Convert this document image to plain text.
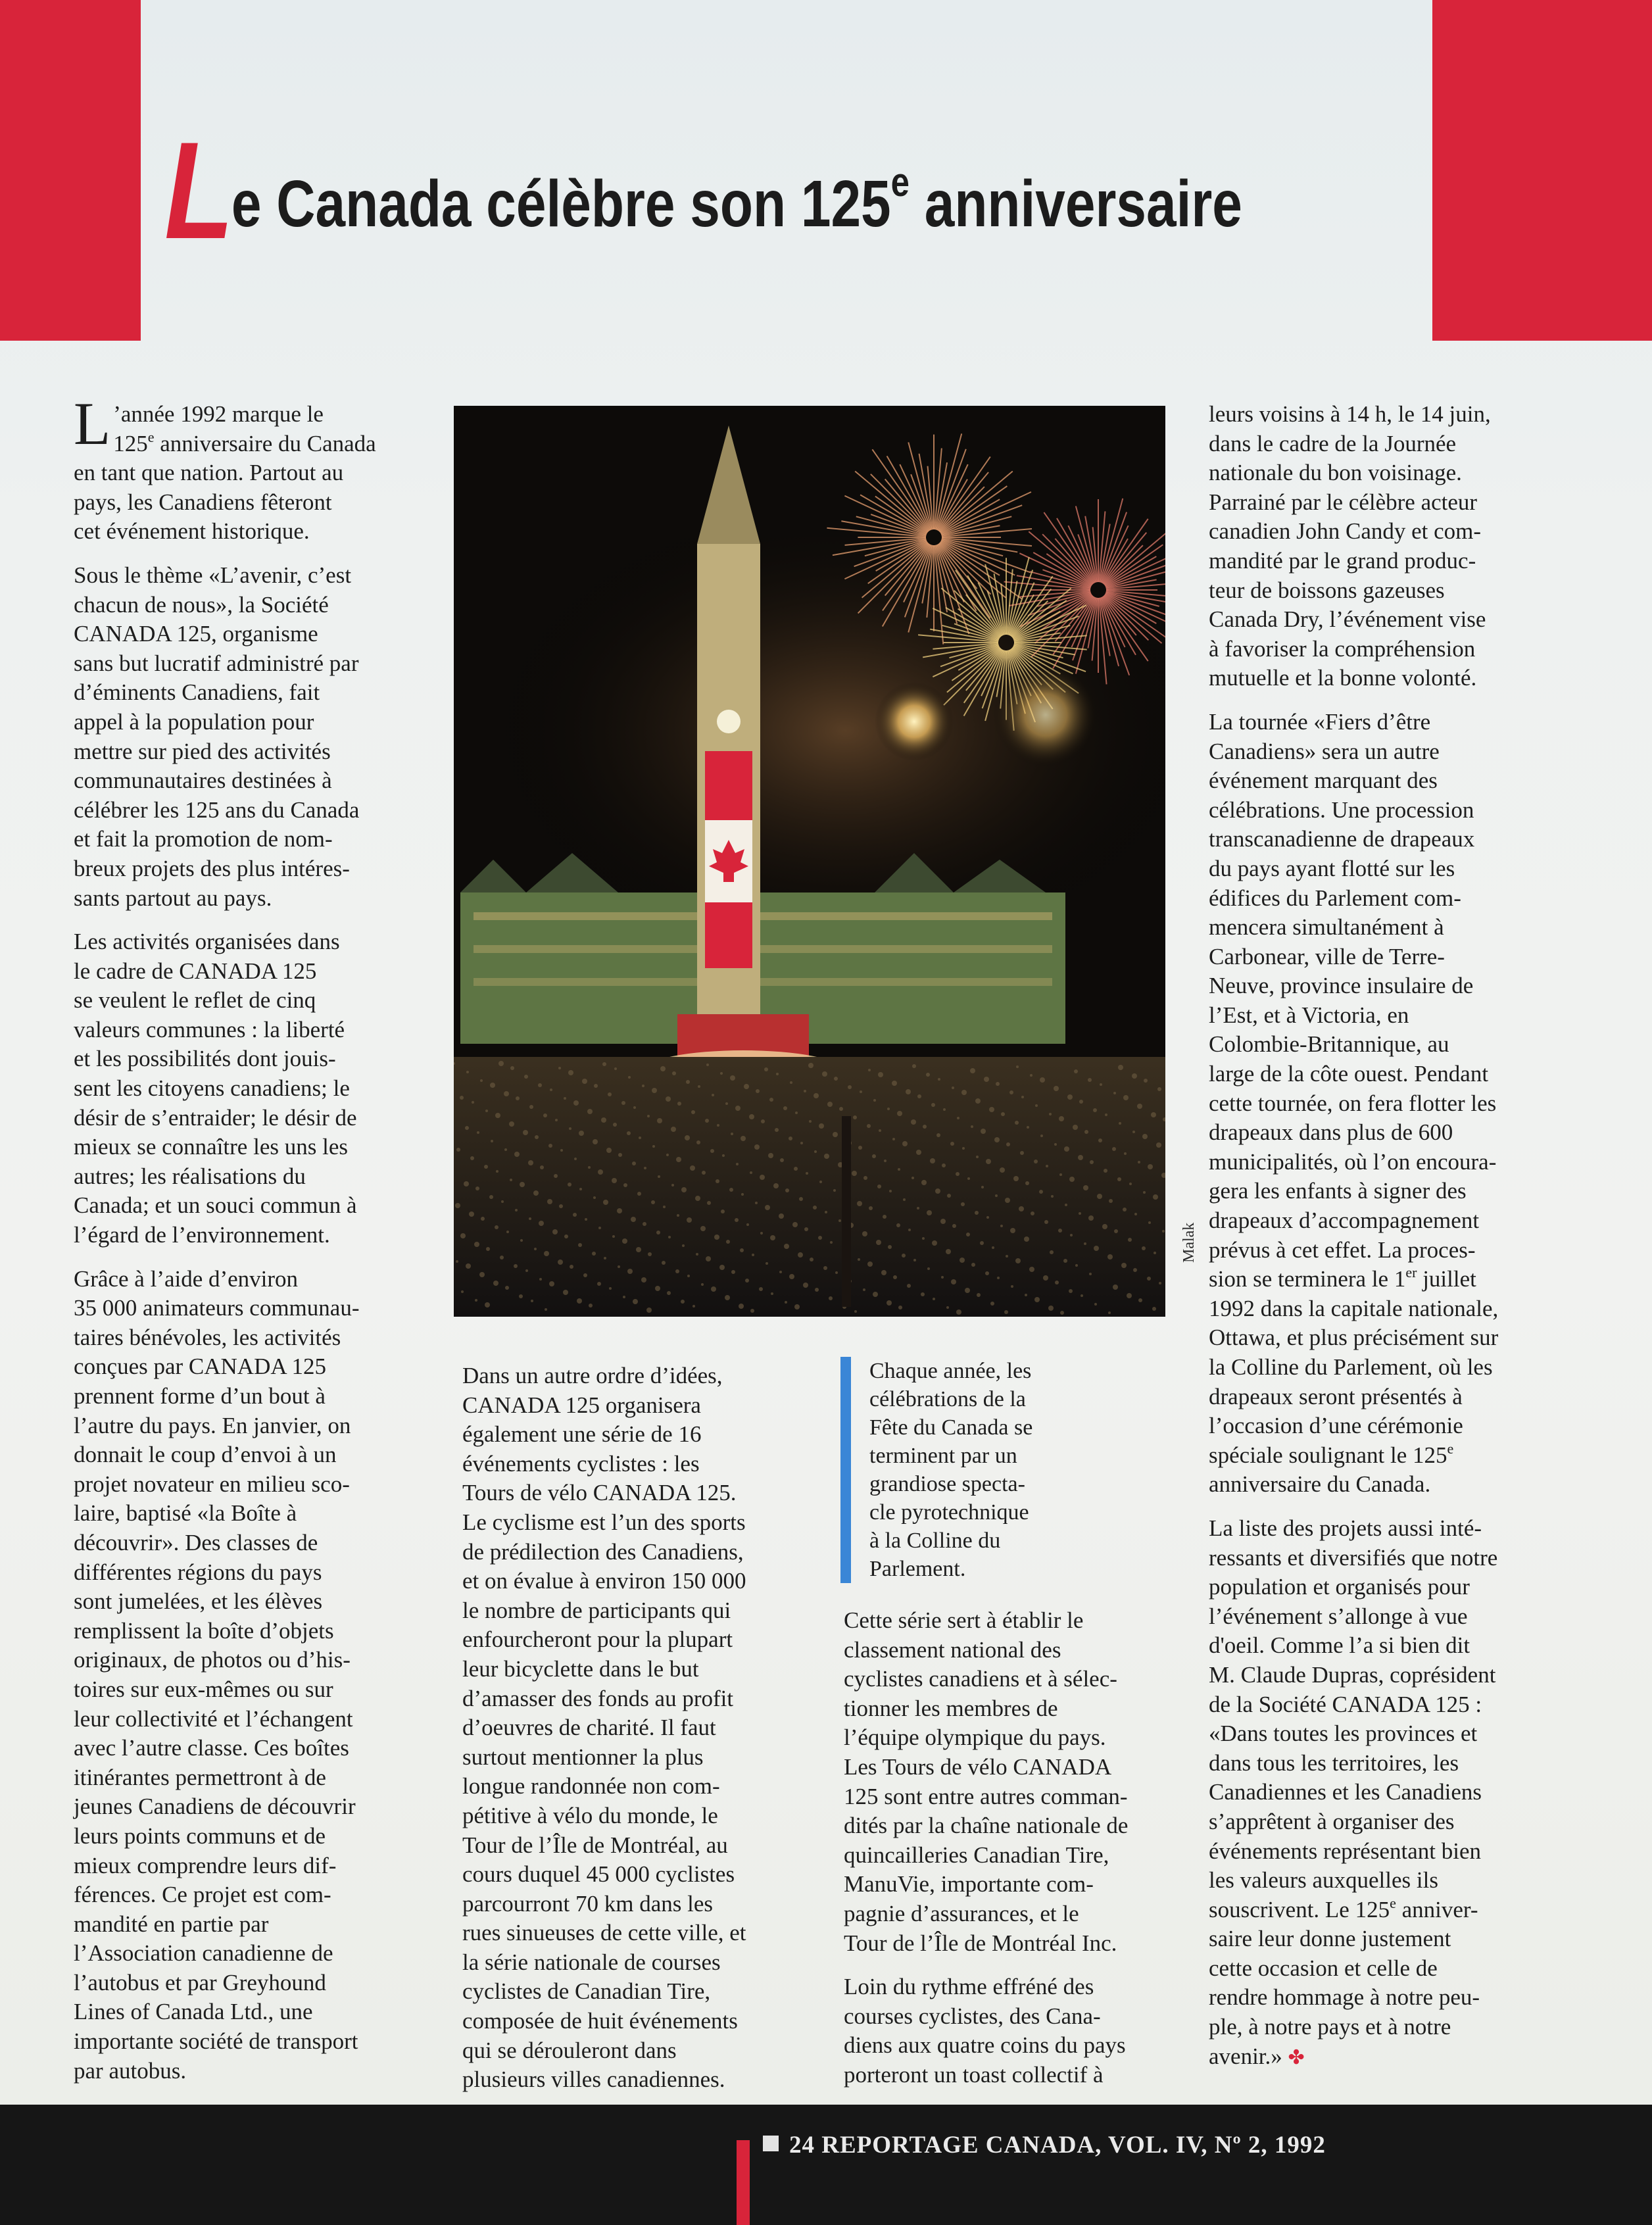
Le Canada célèbre son 125e anniversaire

L ’année 1992 marque le
125e anniversaire du Canada
en tant que nation. Partout au
pays, les Canadiens fêteront
cet événement historique.

Sous le thème «L’avenir, c’est
chacun de nous», la Société
CANADA 125, organisme
sans but lucratif administré par
d’éminents Canadiens, fait
appel à la population pour
mettre sur pied des activités
communautaires destinées à
célébrer les 125 ans du Canada
et fait la promotion de nom-
breux projets des plus intéres-
sants partout au pays.

Les activités organisées dans
le cadre de CANADA 125
se veulent le reflet de cinq
valeurs communes : la liberté
et les possibilités dont jouis-
sent les citoyens canadiens; le
désir de s’entraider; le désir de
mieux se connaître les uns les
autres; les réalisations du
Canada; et un souci commun à
l’égard de l’environnement.

Grâce à l’aide d’environ
35 000 animateurs communau-
taires bénévoles, les activités
conçues par CANADA 125
prennent forme d’un bout à
l’autre du pays. En janvier, on
donnait le coup d’envoi à un
projet novateur en milieu sco-
laire, baptisé «la Boîte à
découvrir». Des classes de
différentes régions du pays
sont jumelées, et les élèves
remplissent la boîte d’objets
originaux, de photos ou d’his-
toires sur eux-mêmes ou sur
leur collectivité et l’échangent
avec l’autre classe. Ces boîtes
itinérantes permettront à de
jeunes Canadiens de découvrir
leurs points communs et de
mieux comprendre leurs dif-
férences. Ce projet est com-
mandité en partie par
l’Association canadienne de
l’autobus et par Greyhound
Lines of Canada Ltd., une
importante société de transport
par autobus.

Malak

Dans un autre ordre d’idées,
CANADA 125 organisera
également une série de 16
événements cyclistes : les
Tours de vélo CANADA 125.
Le cyclisme est l’un des sports
de prédilection des Canadiens,
et on évalue à environ 150 000
le nombre de participants qui
enfourcheront pour la plupart
leur bicyclette dans le but
d’amasser des fonds au profit
d’oeuvres de charité. Il faut
surtout mentionner la plus
longue randonnée non com-
pétitive à vélo du monde, le
Tour de l’Île de Montréal, au
cours duquel 45 000 cyclistes
parcourront 70 km dans les
rues sinueuses de cette ville, et
la série nationale de courses
cyclistes de Canadian Tire,
composée de huit événements
qui se dérouleront dans
plusieurs villes canadiennes.

Chaque année, les
célébrations de la
Fête du Canada se
terminent par un
grandiose specta-
cle pyrotechnique
à la Colline du
Parlement.

Cette série sert à établir le
classement national des
cyclistes canadiens et à sélec-
tionner les membres de
l’équipe olympique du pays.
Les Tours de vélo CANADA
125 sont entre autres comman-
dités par la chaîne nationale de
quincailleries Canadian Tire,
ManuVie, importante com-
pagnie d’assurances, et le
Tour de l’Île de Montréal Inc.

Loin du rythme effréné des
courses cyclistes, des Cana-
diens aux quatre coins du pays
porteront un toast collectif à

leurs voisins à 14 h, le 14 juin,
dans le cadre de la Journée
nationale du bon voisinage.
Parrainé par le célèbre acteur
canadien John Candy et com-
mandité par le grand produc-
teur de boissons gazeuses
Canada Dry, l’événement vise
à favoriser la compréhension
mutuelle et la bonne volonté.

La tournée «Fiers d’être
Canadiens» sera un autre
événement marquant des
célébrations. Une procession
transcanadienne de drapeaux
du pays ayant flotté sur les
édifices du Parlement com-
mencera simultanément à
Carbonear, ville de Terre-
Neuve, province insulaire de
l’Est, et à Victoria, en
Colombie-Britannique, au
large de la côte ouest. Pendant
cette tournée, on fera flotter les
drapeaux dans plus de 600
municipalités, où l’on encoura-
gera les enfants à signer des
drapeaux d’accompagnement
prévus à cet effet. La proces-
sion se terminera le 1er juillet
1992 dans la capitale nationale,
Ottawa, et plus précisément sur
la Colline du Parlement, où les
drapeaux seront présentés à
l’occasion d’une cérémonie
spéciale soulignant le 125e
anniversaire du Canada.

La liste des projets aussi inté-
ressants et diversifiés que notre
population et organisés pour
l’événement s’allonge à vue
d'oeil. Comme l’a si bien dit
M. Claude Dupras, coprésident
de la Société CANADA 125 :
«Dans toutes les provinces et
dans tous les territoires, les
Canadiennes et les Canadiens
s’apprêtent à organiser des
événements représentant bien
les valeurs auxquelles ils
souscrivent. Le 125e anniver-
saire leur donne justement
cette occasion et celle de
rendre hommage à notre peu-
ple, à notre pays et à notre
avenir.» ✤

24 REPORTAGE CANADA, VOL. IV, Nº 2, 1992
